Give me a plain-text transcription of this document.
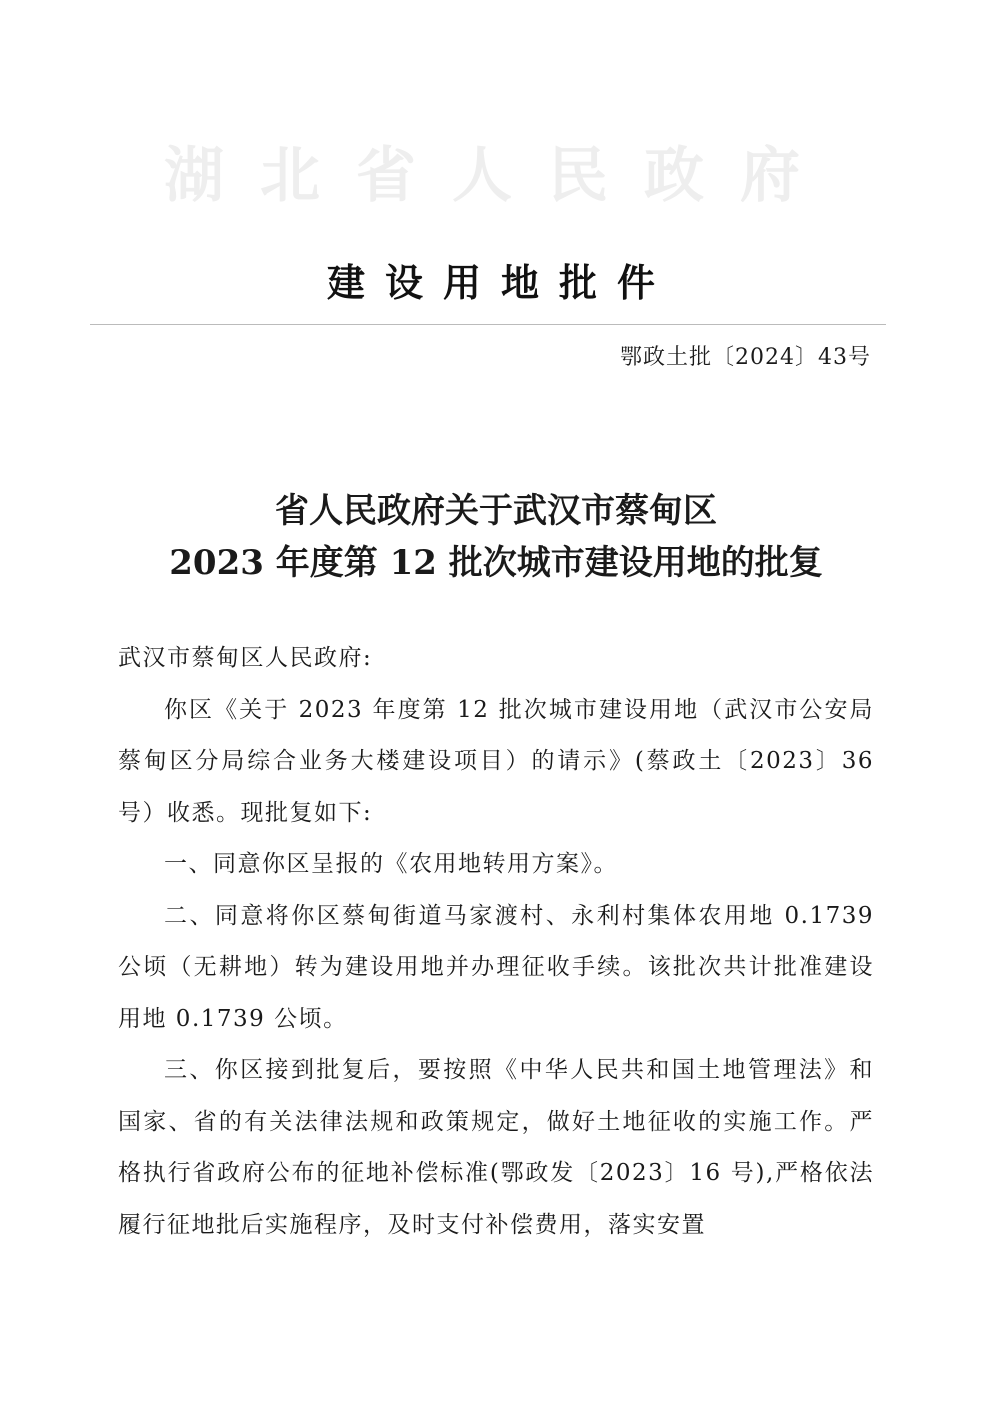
湖北省人民政府
建设用地批件
鄂政土批〔2024〕43号
省人民政府关于武汉市蔡甸区
2023 年度第 12 批次城市建设用地的批复

武汉市蔡甸区人民政府:

你区《关于 2023 年度第 12 批次城市建设用地（武汉市公安局蔡甸区分局综合业务大楼建设项目）的请示》(蔡政土〔2023〕36 号）收悉。现批复如下:

一、同意你区呈报的《农用地转用方案》。

二、同意将你区蔡甸街道马家渡村、永利村集体农用地 0.1739 公顷（无耕地）转为建设用地并办理征收手续。该批次共计批准建设用地 0.1739 公顷。

三、你区接到批复后，要按照《中华人民共和国土地管理法》和国家、省的有关法律法规和政策规定，做好土地征收的实施工作。严格执行省政府公布的征地补偿标准(鄂政发〔2023〕16 号),严格依法履行征地批后实施程序，及时支付补偿费用，落实安置
